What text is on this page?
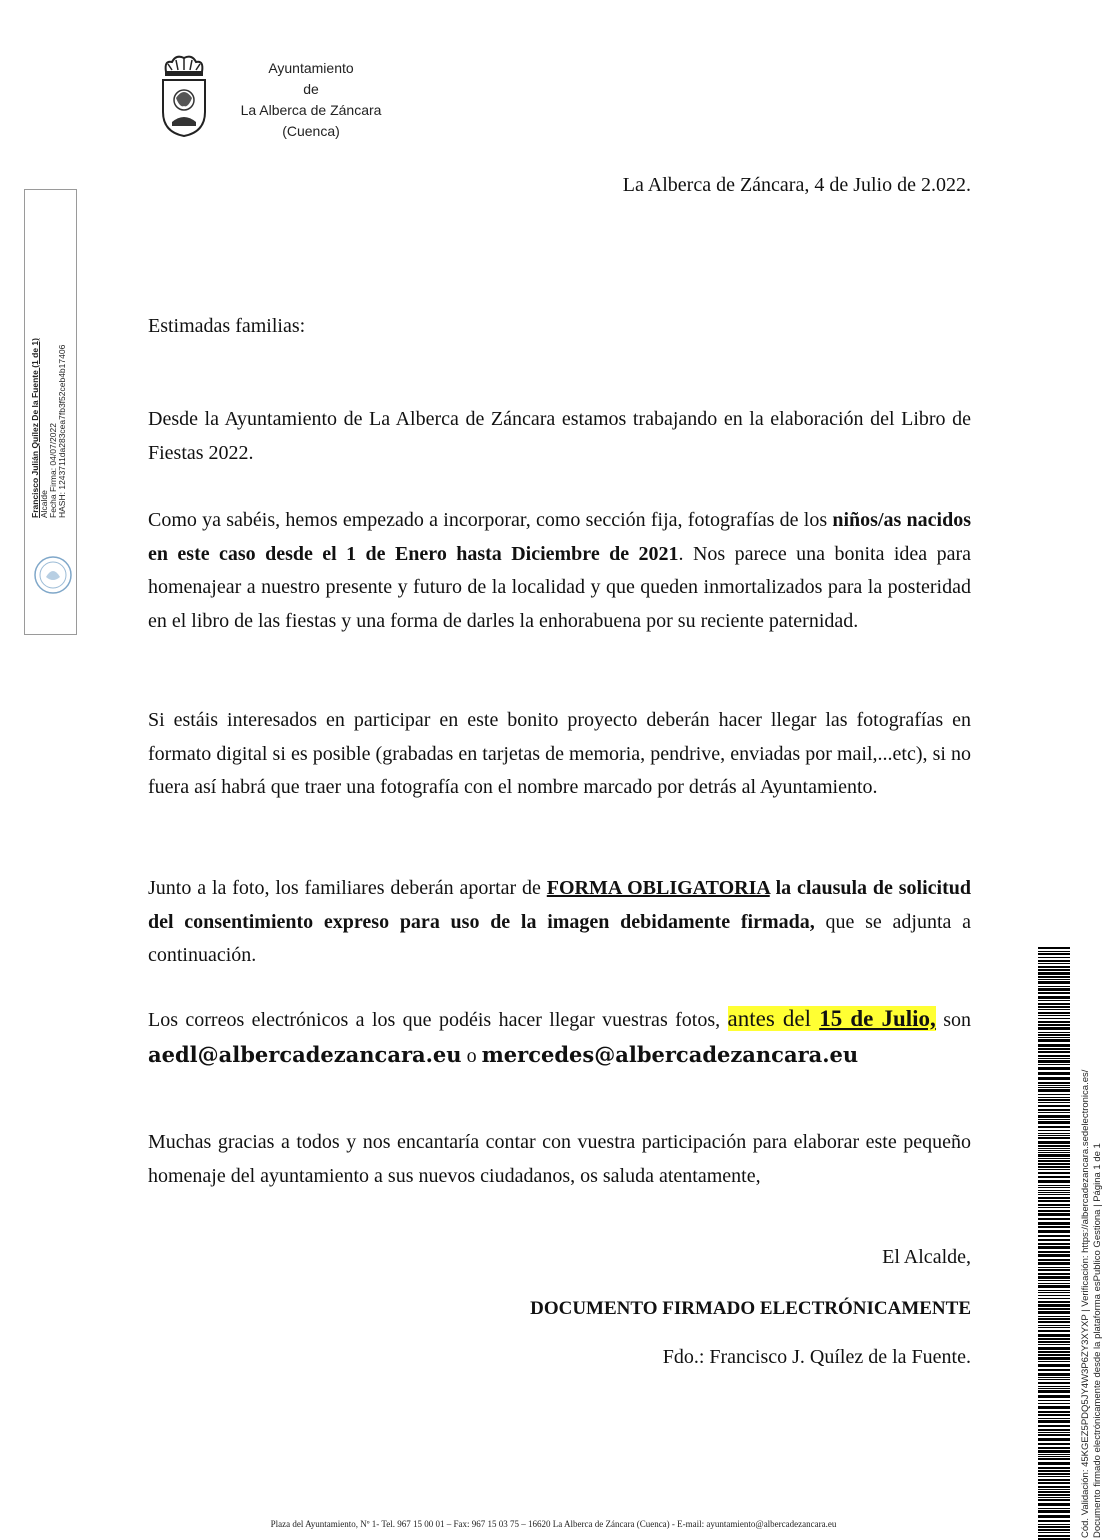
Ayuntamiento
de
La Alberca de Záncara
(Cuenca)
Francisco Julián Quílez De la Fuente (1 de 1) Alcalde Fecha Firma: 04/07/2022 HASH: 1243711da283cea7fb3f52ceb4b17406
La Alberca de Záncara, 4 de Julio de 2.022.

Estimadas familias:

Desde la Ayuntamiento de La Alberca de Záncara estamos trabajando en la elaboración del Libro de Fiestas 2022.

Como ya sabéis, hemos empezado a incorporar, como sección fija, fotografías de los niños/as nacidos en este caso desde el 1 de Enero hasta Diciembre de 2021. Nos parece una bonita idea para homenajear a nuestro presente y futuro de la localidad y que queden inmortalizados para la posteridad en el libro de las fiestas y una forma de darles la enhorabuena por su reciente paternidad.

Si estáis interesados en participar en este bonito proyecto deberán hacer llegar las fotografías en formato digital si es posible (grabadas en tarjetas de memoria, pendrive, enviadas por mail,...etc), si no fuera así habrá que traer una fotografía con el nombre marcado por detrás al Ayuntamiento.

Junto a la foto, los familiares deberán aportar de FORMA OBLIGATORIA la clausula de solicitud del consentimiento expreso para uso de la imagen debidamente firmada, que se adjunta a continuación.

Los correos electrónicos a los que podéis hacer llegar vuestras fotos, antes del 15 de Julio, son aedl@albercadezancara.eu o mercedes@albercadezancara.eu

Muchas gracias a todos y nos encantaría contar con vuestra participación para elaborar este pequeño homenaje del ayuntamiento a sus nuevos ciudadanos, os saluda atentamente,

El Alcalde,
DOCUMENTO FIRMADO ELECTRÓNICAMENTE
Fdo.: Francisco J. Quílez de la Fuente.	Cód. Validación: 45KGEZ5PDQ5JY4W3P6ZY3XYXP | Verificación: https://albercadezancara.sedelectronica.es/ Documento firmado electrónicamente desde la plataforma esPublico Gestiona | Página 1 de 1
Plaza del Ayuntamiento, Nº 1- Tel. 967 15 00 01 – Fax: 967 15 03 75 – 16620 La Alberca de Záncara (Cuenca) - E-mail: ayuntamiento@albercadezancara.eu
